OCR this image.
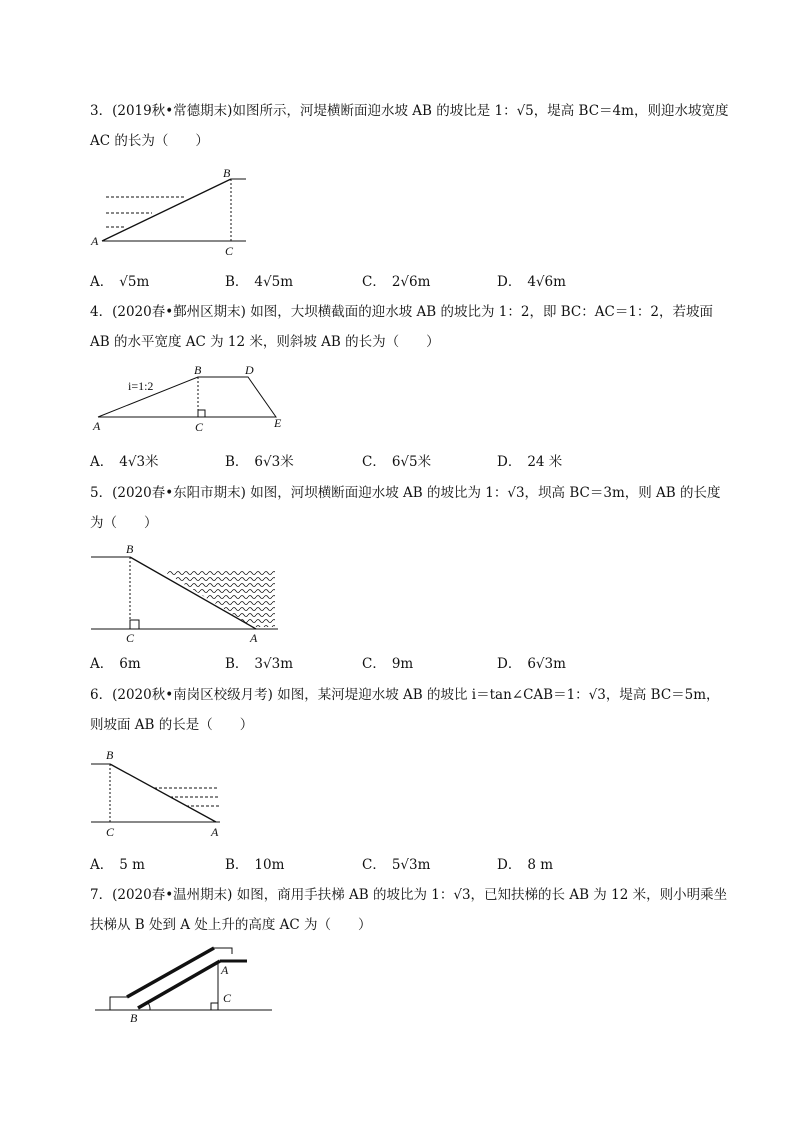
3．(2019秋•常德期末)如图所示，河堤横断面迎水坡 AB 的坡比是 1：√5，堤高 BC＝4m，则迎水坡宽度 AC 的长为（　　）

A
B
C
A． √5m	B． 4√5m	C． 2√6m	D． 4√6m

4．(2020春•鄞州区期末) 如图，大坝横截面的迎水坡 AB 的坡比为 1：2，即 BC：AC＝1：2，若坡面 AB 的水平宽度 AC 为 12 米，则斜坡 AB 的长为（　　）

i=1:2
A
B
C
D
E
A． 4√3米	B． 6√3米	C． 6√5米	D． 24 米

5．(2020春•东阳市期末) 如图，河坝横断面迎水坡 AB 的坡比为 1：√3，坝高 BC＝3m，则 AB 的长度为（　　）

B
C	A
A． 6m	B． 3√3m	C． 9m	D． 6√3m

6．(2020秋•南岗区校级月考) 如图，某河堤迎水坡 AB 的坡比 i＝tan∠CAB＝1：√3，堤高 BC＝5m，则坡面 AB 的长是（　　）

B
C	A
A． 5 m	B． 10m	C． 5√3m	D． 8 m

7．(2020春•温州期末) 如图，商用手扶梯 AB 的坡比为 1：√3，已知扶梯的长 AB 为 12 米，则小明乘坐扶梯从 B 处到 A 处上升的高度 AC 为（　　）

A
C
B
